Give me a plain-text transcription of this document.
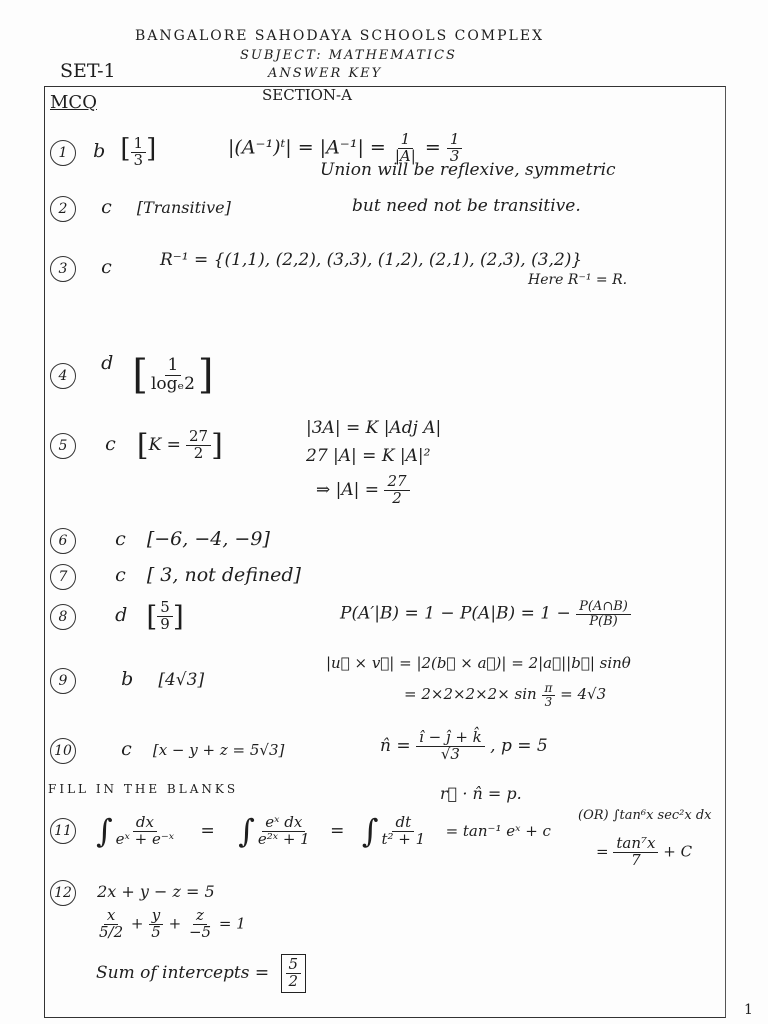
BANGALORE SAHODAYA SCHOOLS COMPLEX
SUBJECT: MATHEMATICS
ANSWER KEY
SET-1
SECTION-A
MCQ
1 b [ $\frac{1}{3}$ ]	|(A⁻¹)ᵗ| = $|A^{-1}| = \frac{1}{|A|} = \frac{1}{3}$
2 c [Transitive]
Union will be reflexive, symmetric
but need not be transitive.
3 c	R⁻¹ = {(1,1), (2,2), (3,3), (1,2), (2,1), (2,3), (3,2)}
Here R⁻¹ = R.
4 d [ $\frac{1}{\text{logₑ2}}$ ]
5 c [$K = \frac{27}{2}$ ]	|3A| = K |Adj A|
27 |A| = K |A|²
⇒ $|A| = \frac{27}{2}$
6	c [−6, −4, −9]
7	c [ 3, not defined]
8	d [ $\frac{5}{9}$ ]	$P(A'|B) = 1 - P(A|B) = 1 - \frac{P(A\cap B)}{P(B)}$
9	b [4√3]
|u⃗ × v⃗| = |2(b⃗ × a⃗)| = 2|a⃗||b⃗| sinθ
= $2\times 2\times 2\times 2\times \sin \frac{\pi}{3} = 4√3$
10	c [x − y + z = 5√3]	n̂ = $\frac{î - ĵ + k̂}{√3}$ , p = 5
r⃗ · n̂ = p.
FILL IN THE BLANKS
11 ∫ $\frac{dx}{\text{eˣ + e⁻ˣ}}$ = ∫ $\frac{\text{eˣ dx}}{\text{e²ˣ + 1}}$ = ∫ $\frac{dt}{\text{t² + 1}} = \tan^{-1}$ eˣ + c
(OR) ∫tan⁶x sec²x dx
= $\frac{\text{tan⁷x}}{7} + C$
12 2x + y − z = 5
$\frac{x}{5/2} + \frac{y}{5} + \frac{z}{-5} = 1$
Sum of intercepts = $\frac{5}{2}$
1
